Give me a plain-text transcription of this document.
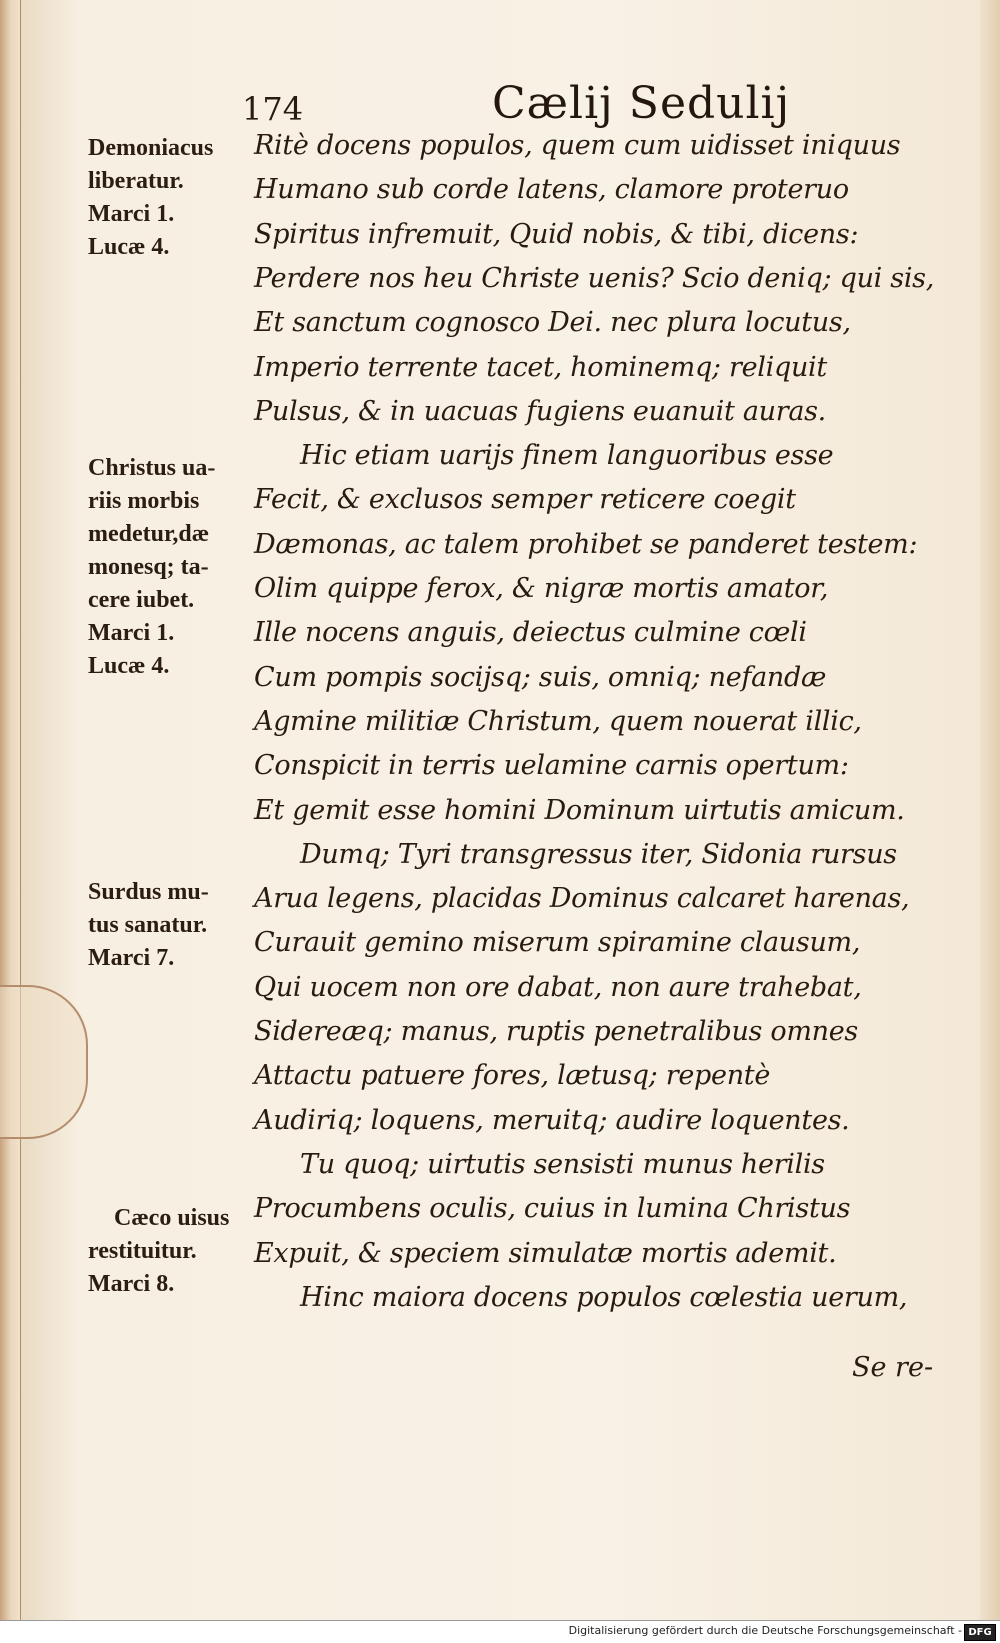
174	Cælij Sedulij
Demoniacus
liberatur.
Marci 1.
Lucæ 4.
Christus ua-
riis morbis
medetur,dæ
monesq; ta-
cere iubet.
Marci 1.
Lucæ 4.
Surdus mu-
tus sanatur.
Marci 7.
Cæco uisus
restituitur.
Marci 8.
Ritè docens populos, quem cum uidisset iniquus
Humano sub corde latens, clamore proteruo
Spiritus infremuit, Quid nobis, & tibi, dicens:
Perdere nos heu Christe uenis? Scio deniq; qui sis,
Et sanctum cognosco Dei. nec plura locutus,
Imperio terrente tacet, hominemq; reliquit
Pulsus, & in uacuas fugiens euanuit auras.
Hic etiam uarijs finem languoribus esse
Fecit, & exclusos semper reticere coegit
Dæmonas, ac talem prohibet se panderet testem:
Olim quippe ferox, & nigræ mortis amator,
Ille nocens anguis, deiectus culmine cœli
Cum pompis socijsq; suis, omniq; nefandæ
Agmine militiæ Christum, quem nouerat illic,
Conspicit in terris uelamine carnis opertum:
Et gemit esse homini Dominum uirtutis amicum.
Dumq; Tyri transgressus iter, Sidonia rursus
Arua legens, placidas Dominus calcaret harenas,
Curauit gemino miserum spiramine clausum,
Qui uocem non ore dabat, non aure trahebat,
Sidereæq; manus, ruptis penetralibus omnes
Attactu patuere fores, lætusq; repentè
Audiriq; loquens, meruitq; audire loquentes.
Tu quoq; uirtutis sensisti munus herilis
Procumbens oculis, cuius in lumina Christus
Expuit, & speciem simulatæ mortis ademit.
Hinc maiora docens populos cœlestia uerum,
Se re-
Digitalisierung gefördert durch die Deutsche Forschungsgemeinschaft - DFG
